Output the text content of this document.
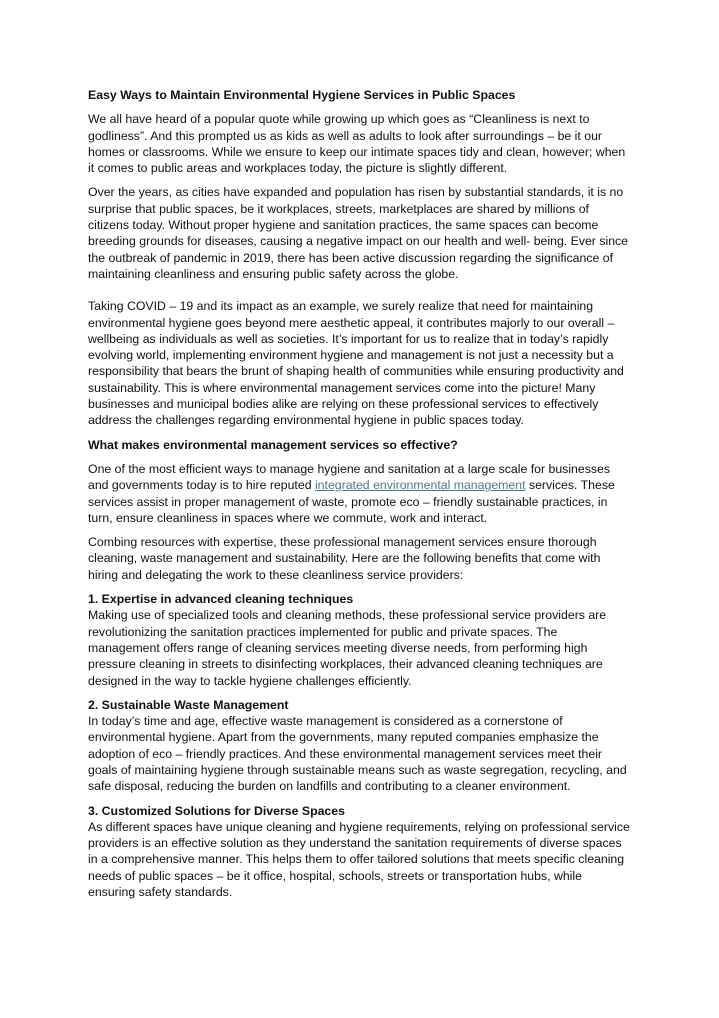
Easy Ways to Maintain Environmental Hygiene Services in Public Spaces

We all have heard of a popular quote while growing up which goes as “Cleanliness is next to godliness”. And this prompted us as kids as well as adults to look after surroundings – be it our homes or classrooms. While we ensure to keep our intimate spaces tidy and clean, however; when it comes to public areas and workplaces today, the picture is slightly different.

Over the years, as cities have expanded and population has risen by substantial standards, it is no surprise that public spaces, be it workplaces, streets, marketplaces are shared by millions of citizens today. Without proper hygiene and sanitation practices, the same spaces can become breeding grounds for diseases, causing a negative impact on our health and well- being. Ever since the outbreak of pandemic in 2019, there has been active discussion regarding the significance of maintaining cleanliness and ensuring public safety across the globe.

Taking COVID – 19 and its impact as an example, we surely realize that need for maintaining environmental hygiene goes beyond mere aesthetic appeal, it contributes majorly to our overall – wellbeing as individuals as well as societies. It’s important for us to realize that in today’s rapidly evolving world, implementing environment hygiene and management is not just a necessity but a responsibility that bears the brunt of shaping health of communities while ensuring productivity and sustainability. This is where environmental management services come into the picture! Many businesses and municipal bodies alike are relying on these professional services to effectively address the challenges regarding environmental hygiene in public spaces today.

What makes environmental management services so effective?

One of the most efficient ways to manage hygiene and sanitation at a large scale for businesses and governments today is to hire reputed integrated environmental management services. These services assist in proper management of waste, promote eco – friendly sustainable practices, in turn, ensure cleanliness in spaces where we commute, work and interact.

Combing resources with expertise, these professional management services ensure thorough cleaning, waste management and sustainability. Here are the following benefits that come with hiring and delegating the work to these cleanliness service providers:

1. Expertise in advanced cleaning techniques
Making use of specialized tools and cleaning methods, these professional service providers are revolutionizing the sanitation practices implemented for public and private spaces. The management offers range of cleaning services meeting diverse needs, from performing high pressure cleaning in streets to disinfecting workplaces, their advanced cleaning techniques are designed in the way to tackle hygiene challenges efficiently.
2. Sustainable Waste Management
In today’s time and age, effective waste management is considered as a cornerstone of environmental hygiene. Apart from the governments, many reputed companies emphasize the adoption of eco – friendly practices. And these environmental management services meet their goals of maintaining hygiene through sustainable means such as waste segregation, recycling, and safe disposal, reducing the burden on landfills and contributing to a cleaner environment.
3. Customized Solutions for Diverse Spaces
As different spaces have unique cleaning and hygiene requirements, relying on professional service providers is an effective solution as they understand the sanitation requirements of diverse spaces in a comprehensive manner. This helps them to offer tailored solutions that meets specific cleaning needs of public spaces – be it office, hospital, schools, streets or transportation hubs, while ensuring safety standards.
